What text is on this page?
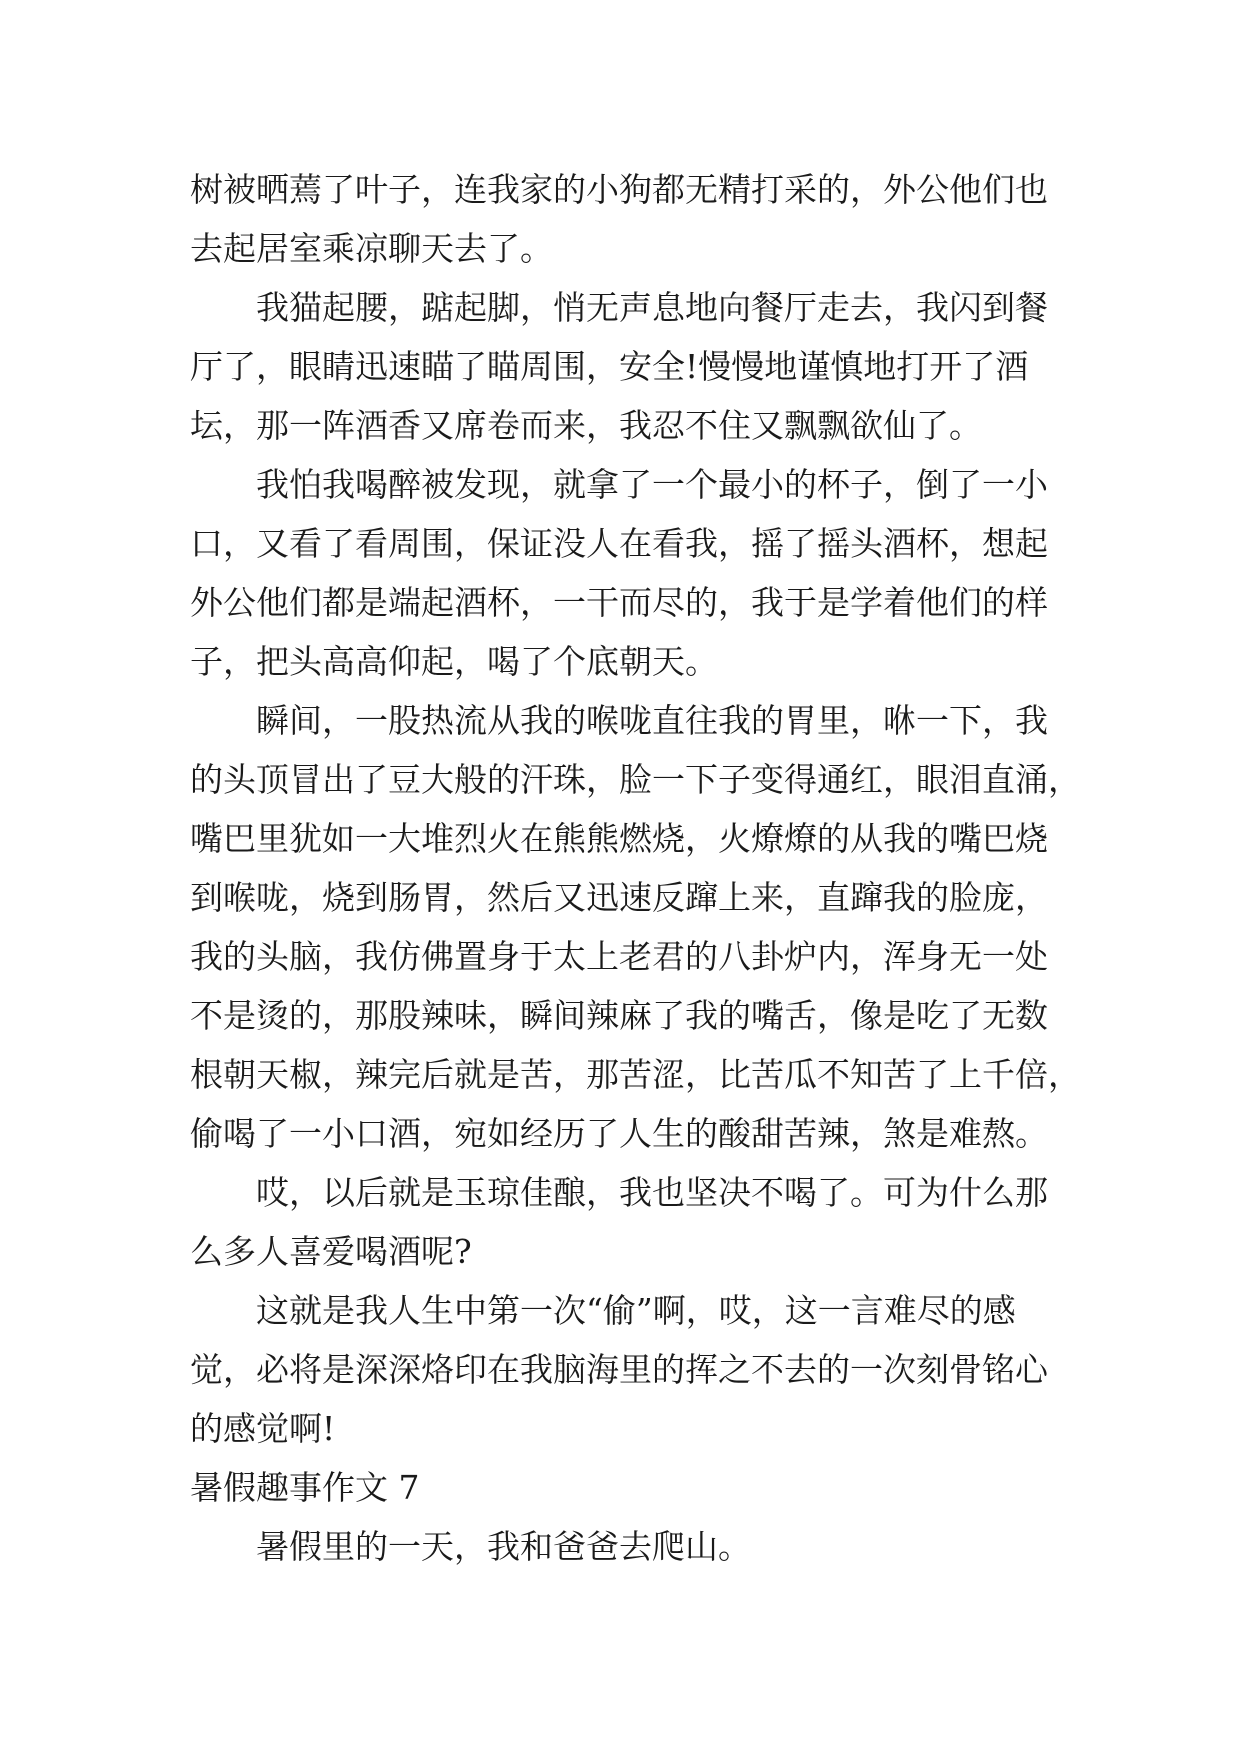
树被晒蔫了叶子，连我家的小狗都无精打采的，外公他们也
去起居室乘凉聊天去了。

我猫起腰，踮起脚，悄无声息地向餐厅走去，我闪到餐
厅了，眼睛迅速瞄了瞄周围，安全!慢慢地谨慎地打开了酒
坛，那一阵酒香又席卷而来，我忍不住又飘飘欲仙了。

我怕我喝醉被发现，就拿了一个最小的杯子，倒了一小
口，又看了看周围，保证没人在看我，摇了摇头酒杯，想起
外公他们都是端起酒杯，一干而尽的，我于是学着他们的样
子，把头高高仰起，喝了个底朝天。

瞬间，一股热流从我的喉咙直往我的胃里，咻一下，我
的头顶冒出了豆大般的汗珠，脸一下子变得通红，眼泪直涌，
嘴巴里犹如一大堆烈火在熊熊燃烧，火燎燎的从我的嘴巴烧
到喉咙，烧到肠胃，然后又迅速反蹿上来，直蹿我的脸庞，
我的头脑，我仿佛置身于太上老君的八卦炉内，浑身无一处
不是烫的，那股辣味，瞬间辣麻了我的嘴舌，像是吃了无数
根朝天椒，辣完后就是苦，那苦涩，比苦瓜不知苦了上千倍，
偷喝了一小口酒，宛如经历了人生的酸甜苦辣，煞是难熬。

哎，以后就是玉琼佳酿，我也坚决不喝了。可为什么那
么多人喜爱喝酒呢?

这就是我人生中第一次“偷”啊，哎，这一言难尽的感
觉，必将是深深烙印在我脑海里的挥之不去的一次刻骨铭心
的感觉啊!

暑假趣事作文 7

暑假里的一天，我和爸爸去爬山。
